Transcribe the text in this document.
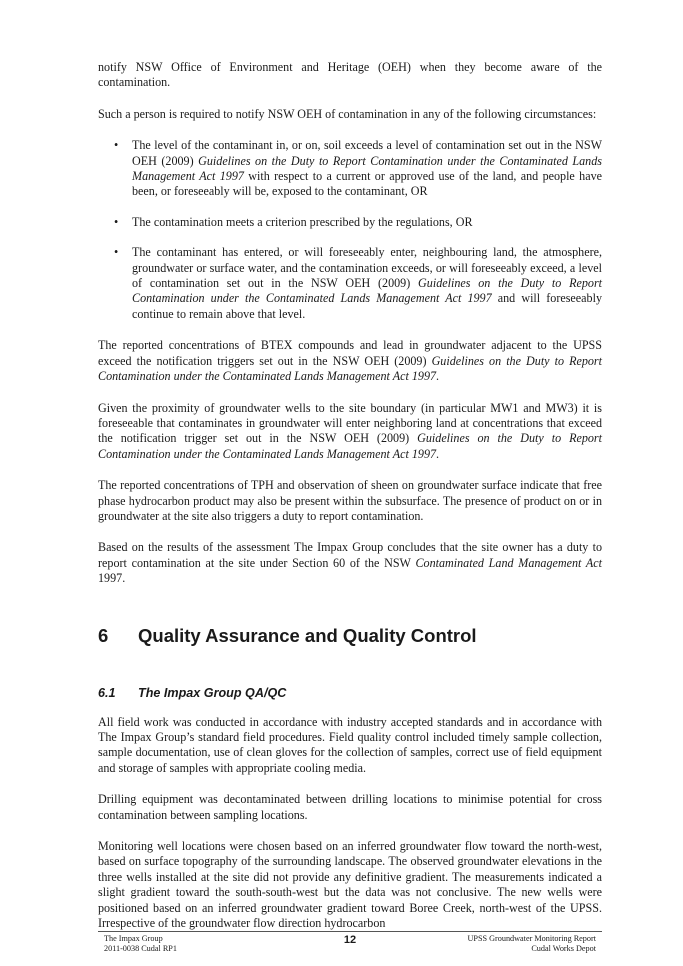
notify NSW Office of Environment and Heritage (OEH) when they become aware of the contamination.

Such a person is required to notify NSW OEH of contamination in any of the following circumstances:

• The level of the contaminant in, or on, soil exceeds a level of contamination set out in the NSW OEH (2009) Guidelines on the Duty to Report Contamination under the Contaminated Lands Management Act 1997 with respect to a current or approved use of the land, and people have been, or foreseeably will be, exposed to the contaminant, OR
• The contamination meets a criterion prescribed by the regulations, OR
• The contaminant has entered, or will foreseeably enter, neighbouring land, the atmosphere, groundwater or surface water, and the contamination exceeds, or will foreseeably exceed, a level of contamination set out in the NSW OEH (2009) Guidelines on the Duty to Report Contamination under the Contaminated Lands Management Act 1997 and will foreseeably continue to remain above that level.

The reported concentrations of BTEX compounds and lead in groundwater adjacent to the UPSS exceed the notification triggers set out in the NSW OEH (2009) Guidelines on the Duty to Report Contamination under the Contaminated Lands Management Act 1997.

Given the proximity of groundwater wells to the site boundary (in particular MW1 and MW3) it is foreseeable that contaminates in groundwater will enter neighboring land at concentrations that exceed the notification trigger set out in the NSW OEH (2009) Guidelines on the Duty to Report Contamination under the Contaminated Lands Management Act 1997.

The reported concentrations of TPH and observation of sheen on groundwater surface indicate that free phase hydrocarbon product may also be present within the subsurface. The presence of product on or in groundwater at the site also triggers a duty to report contamination.

Based on the results of the assessment The Impax Group concludes that the site owner has a duty to report contamination at the site under Section 60 of the NSW Contaminated Land Management Act 1997.

6	Quality Assurance and Quality Control
6.1	The Impax Group QA/QC

All field work was conducted in accordance with industry accepted standards and in accordance with The Impax Group’s standard field procedures. Field quality control included timely sample collection, sample documentation, use of clean gloves for the collection of samples, correct use of field equipment and storage of samples with appropriate cooling media.

Drilling equipment was decontaminated between drilling locations to minimise potential for cross contamination between sampling locations.

Monitoring well locations were chosen based on an inferred groundwater flow toward the north-west, based on surface topography of the surrounding landscape. The observed groundwater elevations in the three wells installed at the site did not provide any definitive gradient. The measurements indicated a slight gradient toward the south-south-west but the data was not conclusive. The new wells were positioned based on an inferred groundwater gradient toward Boree Creek, north-west of the UPSS. Irrespective of the groundwater flow direction hydrocarbon

The Impax Group
2011-0038 Cudal RP1
12	UPSS Groundwater Monitoring Report
Cudal Works Depot
